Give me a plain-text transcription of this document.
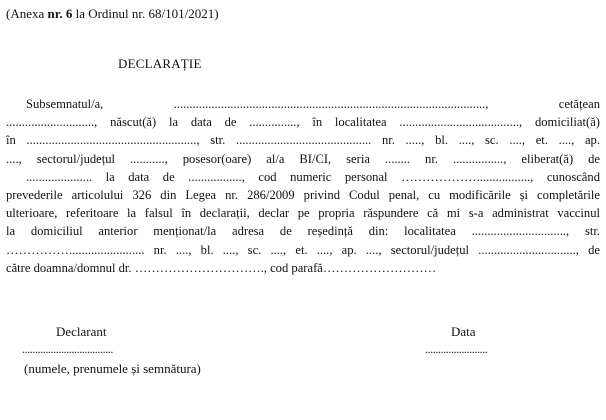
(Anexa nr. 6 la Ordinul nr. 68/101/2021)
DECLARAȚIE
Subsemnatul/a, ..................................................................................................., cetățean
............................, născut(ă) la data de ..............., în localitatea ......................................, domiciliat(ă)
în ......................................................, str. ........................................... nr. ....., bl. ...., sc. ...., et. ...., ap.
...., sectorul/județul ..........., posesor(oare) al/a BI/CI, seria ........ nr. ................, eliberat(ă) de
..................... la data de ................., cod numeric personal ………………................., cunoscând
prevederile articolului 326 din Legea nr. 286/2009 privind Codul penal, cu modificările și completările
ulterioare, referitoare la falsul în declarații, declar pe propria răspundere că mi s-a administrat vaccinul
la domiciliul anterior menționat/la adresa de reședință din: localitatea .............................., str.
……………........................ nr. ...., bl. ...., sc. ...., et. ...., ap. ...., sectorul/județul ..............................., de
către doamna/domnul dr. …………………………., cod parafă………………………
Declarant	Data
...................................	........................
(numele, prenumele și semnătura)
